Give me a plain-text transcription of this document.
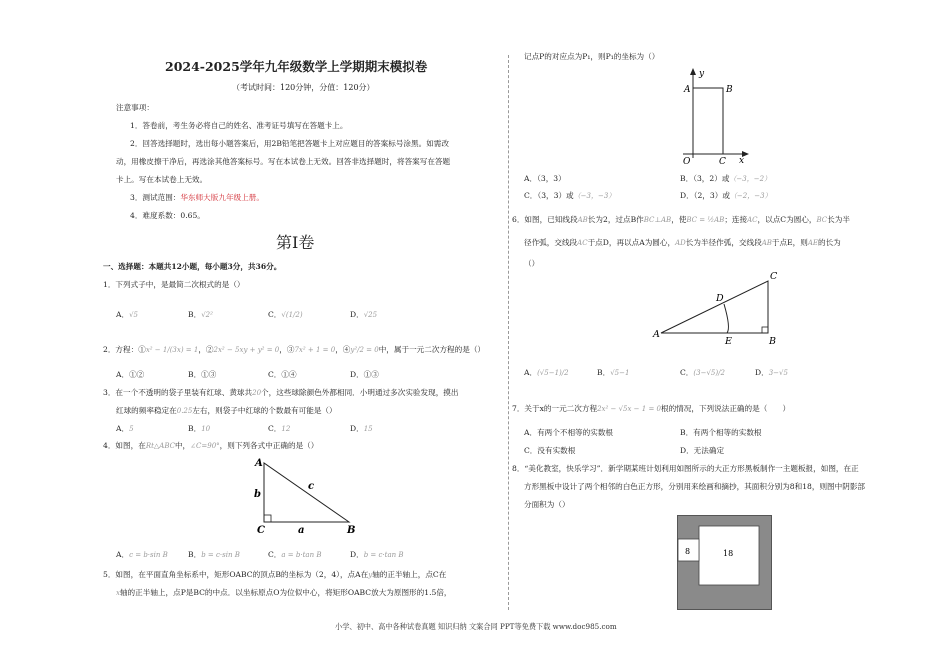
2024-2025学年九年级数学上学期期末模拟卷
（考试时间：120分钟，分值：120分）
注意事项：
1．答卷前，考生务必将自己的姓名、准考证号填写在答题卡上。
2．回答选择题时，选出每小题答案后，用2B铅笔把答题卡上对应题目的答案标号涂黑。如需改
动，用橡皮擦干净后，再选涂其他答案标号。写在本试卷上无效。回答非选择题时，将答案写在答题
卡上。写在本试卷上无效。
3．测试范围：华东师大版九年级上册。
4．难度系数：0.65。
第Ⅰ卷
一、选择题：本题共12小题，每小题3分，共36分。
1．下列式子中，是最简二次根式的是（）
A．√5	B．√2²	C．√(1/2)	D．√25
2．方程：①x² − 1/(3x) = 1，②2x² − 5xy + y² = 0，③7x² + 1 = 0，④y²/2 = 0中，属于一元二次方程的是（）
A．①②	B．①③	C．①④	D．①③
3．在一个不透明的袋子里装有红球、黄球共20个，这些球除颜色外都相同．小明通过多次实验发现，摸出
红球的频率稳定在0.25左右，则袋子中红球的个数最有可能是（）
A．5	B．10	C．12	D．15
4．如图，在Rt△ABC中，∠C=90°，则下列各式中正确的是（）
A
b
c
C	a	B
A．c = b·sin B	B．b = c·sin B	C．a = b·tan B	D．b = c·tan B
5．如图，在平面直角坐标系中，矩形OABC的顶点B的坐标为（2，4），点A在y轴的正半轴上，点C在
x轴的正半轴上，点P是BC的中点．以坐标原点O为位似中心，将矩形OABC放大为原图形的1.5倍，
记点P的对应点为P₁，则P₁的坐标为（）
y
x
A	B
O	C
A．（3，3）	B．（3，2）或（−3，−2）
C．（3，3）或（−3，−3）	D．（2，3）或（−2，−3）
6．如图，已知线段AB长为2，过点B作BC⊥AB，使BC = ½AB；连接AC，以点C为圆心，BC长为半
径作弧，交线段AC于点D，再以点A为圆心，AD长为半径作弧，交线段AB于点E，则AE的长为
（）
A
B
C
D
E
A．(√5−1)/2	B．√5−1	C．(3−√5)/2	D．3−√5
7．关于x的一元二次方程2x² − √5x − 1 = 0根的情况，下列说法正确的是（　　）
A．有两个不相等的实数根	B．有两个相等的实数根
C．没有实数根	D．无法确定
8．“美化教室，快乐学习”．新学期某班计划利用如图所示的大正方形黑板制作一主题板报，如图，在正
方形黑板中设计了两个相邻的白色正方形，分别用来绘画和摘抄，其面积分别为8和18，则图中阴影部
分面积为（）
8	18
小学、初中、高中各种试卷真题 知识归纳 文案合同 PPT等免费下载 www.doc985.com
